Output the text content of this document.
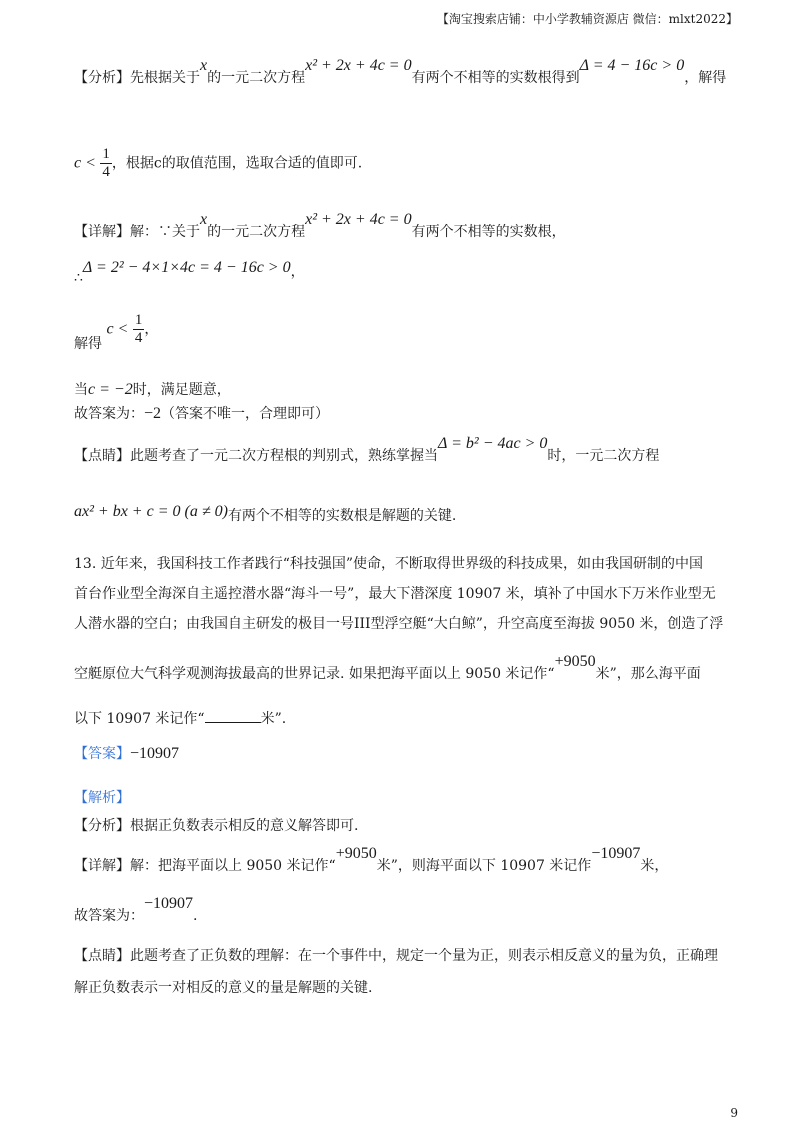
【淘宝搜索店铺：中小学教辅资源店 微信：mlxt2022】
【分析】先根据关于x的一元二次方程x² + 2x + 4c = 0有两个不相等的实数根得到Δ = 4 − 16c > 0，解得
$c < \frac{1}{4}$ ，根据c的取值范围，选取合适的值即可.
【详解】解：∵关于x的一元二次方程x² + 2x + 4c = 0有两个不相等的实数根，
∴Δ = 2² − 4×1×4c = 4 − 16c > 0，
解得 $c < \frac{1}{4}$ ，
当c = −2时，满足题意，
故答案为：−2（答案不唯一，合理即可）
【点睛】此题考查了一元二次方程根的判别式，熟练掌握当Δ = b² − 4ac > 0时，一元二次方程
ax² + bx + c = 0 (a ≠ 0)有两个不相等的实数根是解题的关键.
13. 近年来，我国科技工作者践行“科技强国”使命，不断取得世界级的科技成果，如由我国研制的中国
首台作业型全海深自主遥控潜水器“海斗一号”，最大下潜深度 10907 米，填补了中国水下万米作业型无
人潜水器的空白；由我国自主研发的极目一号III型浮空艇“大白鲸”，升空高度至海拔 9050 米，创造了浮
空艇原位大气科学观测海拔最高的世界记录. 如果把海平面以上 9050 米记作“+9050米”，那么海平面
以下 10907 米记作“	米”.
【答案】−10907
【解析】
【分析】根据正负数表示相反的意义解答即可.
【详解】解：把海平面以上 9050 米记作“+9050米”，则海平面以下 10907 米记作−10907米，
故答案为：−10907.
【点睛】此题考查了正负数的理解：在一个事件中，规定一个量为正，则表示相反意义的量为负，正确理
解正负数表示一对相反的意义的量是解题的关键.
9
